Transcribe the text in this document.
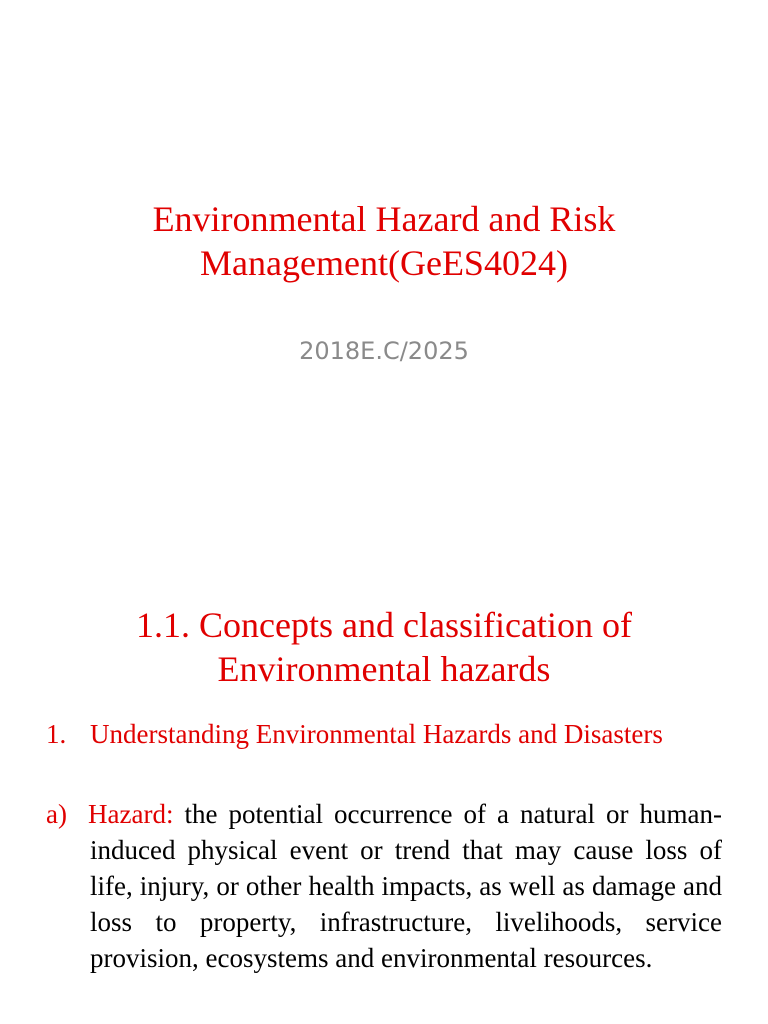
Environmental Hazard and Risk Management(GeES4024)
2018E.C/2025
1.1. Concepts and classification of Environmental hazards
1. Understanding Environmental Hazards and Disasters
a) Hazard: the potential occurrence of a natural or human-induced physical event or trend that may cause loss of life, injury, or other health impacts, as well as damage and loss to property, infrastructure, livelihoods, service provision, ecosystems and environmental resources.
